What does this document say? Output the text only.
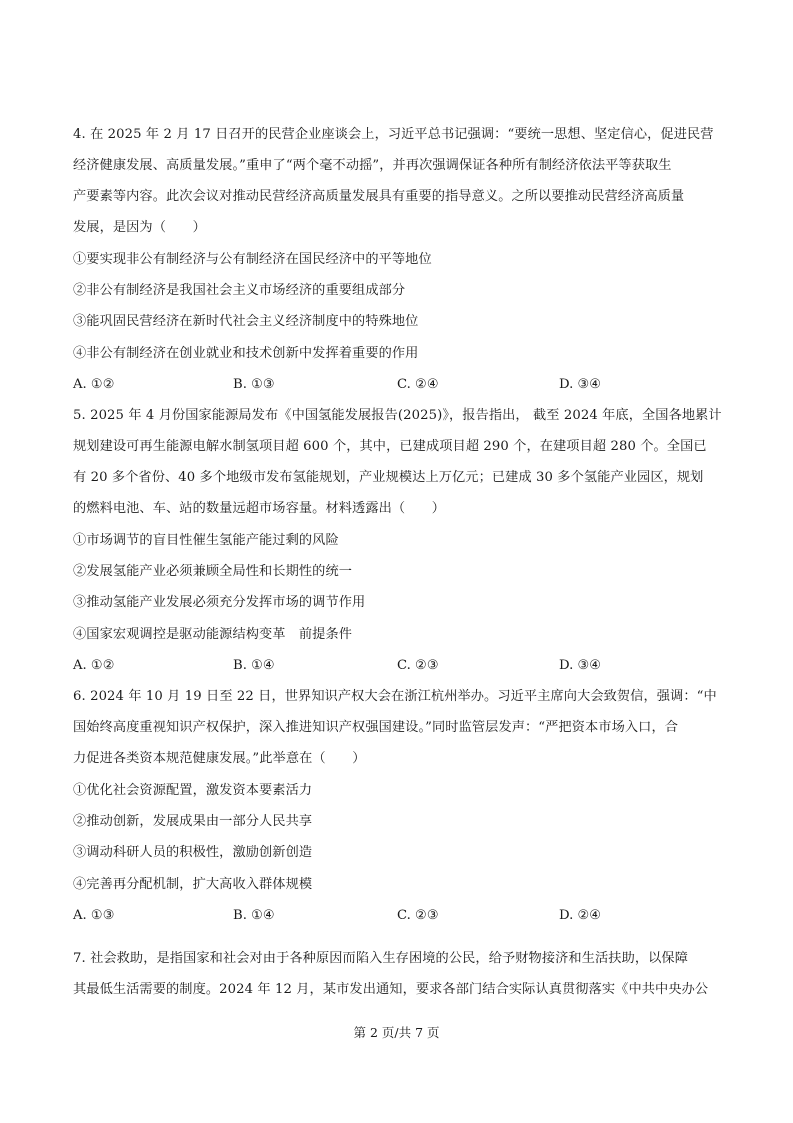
4. 在 2025 年 2 月 17 日召开的民营企业座谈会上，习近平总书记强调：“要统一思想、坚定信心，促进民营
经济健康发展、高质量发展。”重申了“两个毫不动摇”，并再次强调保证各种所有制经济依法平等获取生
产要素等内容。此次会议对推动民营经济高质量发展具有重要的指导意义。之所以要推动民营经济高质量
发展，是因为（　　）
①要实现非公有制经济与公有制经济在国民经济中的平等地位
②非公有制经济是我国社会主义市场经济的重要组成部分
③能巩固民营经济在新时代社会主义经济制度中的特殊地位
④非公有制经济在创业就业和技术创新中发挥着重要的作用
A. ①②	B. ①③	C. ②④	D. ③④
5. 2025 年 4 月份国家能源局发布《中国氢能发展报告(2025)》，报告指出， 截至 2024 年底，全国各地累计
规划建设可再生能源电解水制氢项目超 600 个，其中，已建成项目超 290 个，在建项目超 280 个。全国已
有 20 多个省份、40 多个地级市发布氢能规划，产业规模达上万亿元；已建成 30 多个氢能产业园区，规划
的燃料电池、车、站的数量远超市场容量。材料透露出（　　）
①市场调节的盲目性催生氢能产能过剩的风险
②发展氢能产业必须兼顾全局性和长期性的统一
③推动氢能产业发展必须充分发挥市场的调节作用
④国家宏观调控是驱动能源结构变革　前提条件
A. ①②	B. ①④	C. ②③	D. ③④
6. 2024 年 10 月 19 日至 22 日，世界知识产权大会在浙江杭州举办。习近平主席向大会致贺信，强调：“中
国始终高度重视知识产权保护，深入推进知识产权强国建设。”同时监管层发声：“严把资本市场入口，合
力促进各类资本规范健康发展。”此举意在（　　）
①优化社会资源配置，激发资本要素活力
②推动创新，发展成果由一部分人民共享
③调动科研人员的积极性，激励创新创造
④完善再分配机制，扩大高收入群体规模
A. ①③	B. ①④	C. ②③	D. ②④
7. 社会救助，是指国家和社会对由于各种原因而陷入生存困境的公民，给予财物接济和生活扶助，以保障
其最低生活需要的制度。2024 年 12 月，某市发出通知，要求各部门结合实际认真贯彻落实《中共中央办公
第 2 页/共 7 页
